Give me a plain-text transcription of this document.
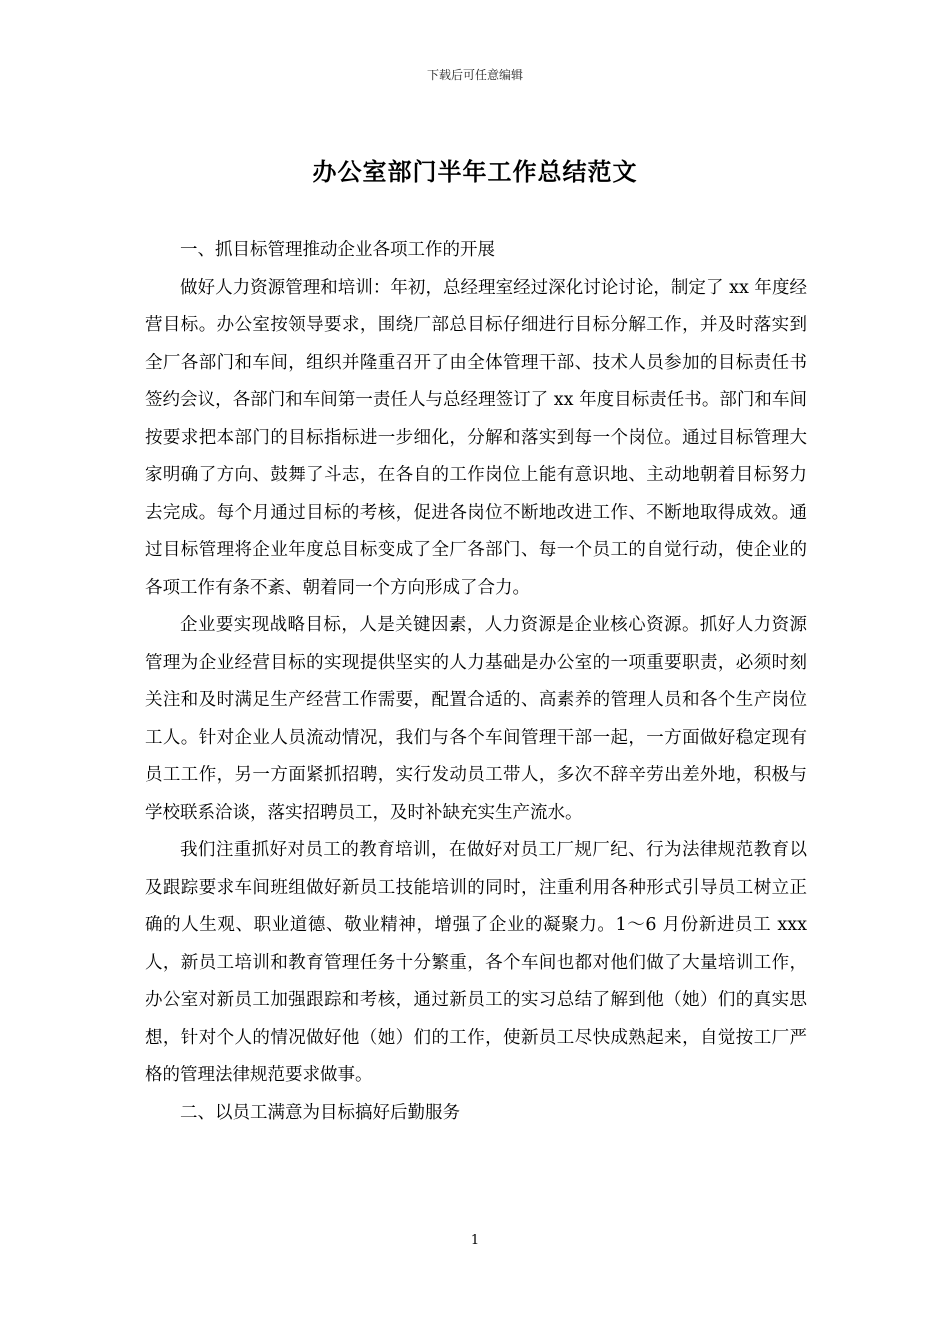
下载后可任意编辑
办公室部门半年工作总结范文

一、抓目标管理推动企业各项工作的开展

做好人力资源管理和培训：年初，总经理室经过深化讨论讨论，制定了 xx 年度经营目标。办公室按领导要求，围绕厂部总目标仔细进行目标分解工作，并及时落实到全厂各部门和车间，组织并隆重召开了由全体管理干部、技术人员参加的目标责任书签约会议，各部门和车间第一责任人与总经理签订了 xx 年度目标责任书。部门和车间按要求把本部门的目标指标进一步细化，分解和落实到每一个岗位。通过目标管理大家明确了方向、鼓舞了斗志，在各自的工作岗位上能有意识地、主动地朝着目标努力去完成。每个月通过目标的考核，促进各岗位不断地改进工作、不断地取得成效。通过目标管理将企业年度总目标变成了全厂各部门、每一个员工的自觉行动，使企业的各项工作有条不紊、朝着同一个方向形成了合力。

企业要实现战略目标，人是关键因素，人力资源是企业核心资源。抓好人力资源管理为企业经营目标的实现提供坚实的人力基础是办公室的一项重要职责，必须时刻关注和及时满足生产经营工作需要，配置合适的、高素养的管理人员和各个生产岗位工人。针对企业人员流动情况，我们与各个车间管理干部一起，一方面做好稳定现有员工工作，另一方面紧抓招聘，实行发动员工带人，多次不辞辛劳出差外地，积极与学校联系洽谈，落实招聘员工，及时补缺充实生产流水。

我们注重抓好对员工的教育培训，在做好对员工厂规厂纪、行为法律规范教育以及跟踪要求车间班组做好新员工技能培训的同时，注重利用各种形式引导员工树立正确的人生观、职业道德、敬业精神，增强了企业的凝聚力。1～6 月份新进员工 xxx 人，新员工培训和教育管理任务十分繁重，各个车间也都对他们做了大量培训工作，办公室对新员工加强跟踪和考核，通过新员工的实习总结了解到他（她）们的真实思想，针对个人的情况做好他（她）们的工作，使新员工尽快成熟起来，自觉按工厂严格的管理法律规范要求做事。

二、以员工满意为目标搞好后勤服务

1
